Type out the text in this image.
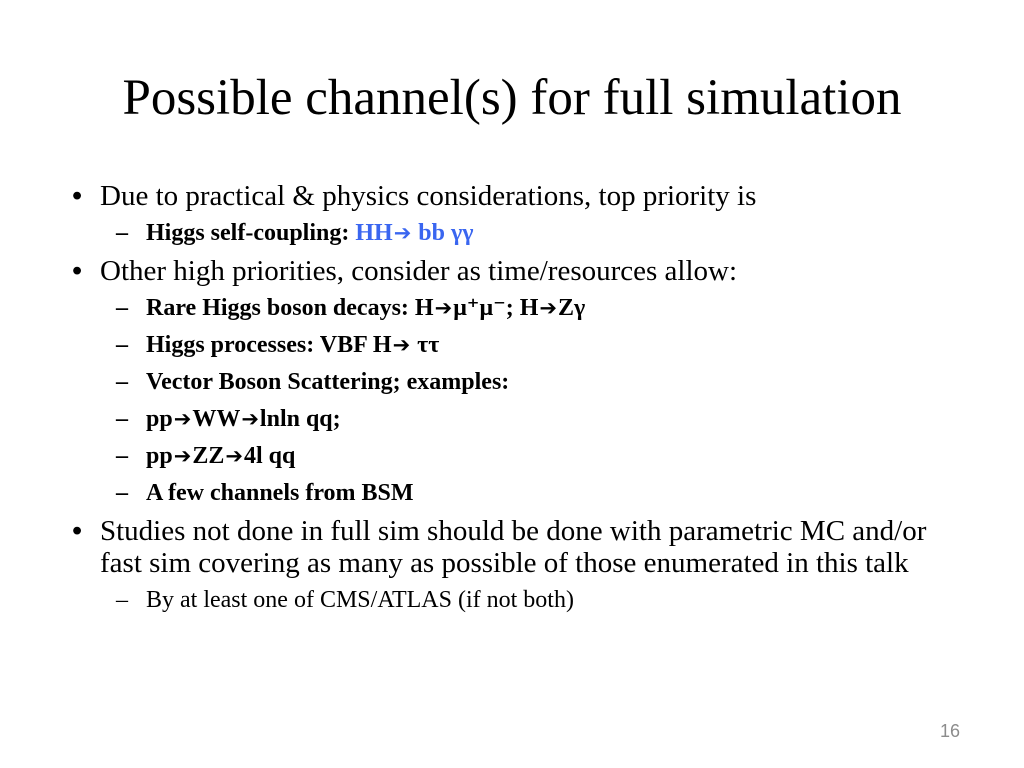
Possible channel(s) for full simulation
• Due to practical & physics considerations, top priority is
– Higgs self-coupling: HH➔ bb γγ
• Other high priorities, consider as time/resources allow:
– Rare Higgs boson decays: H➔μ⁺μ⁻; H➔Zγ
– Higgs processes: VBF H➔ ττ
– Vector Boson Scattering; examples:
– pp➔WW➔lnln qq;
– pp➔ZZ➔4l qq
– A few channels from BSM
• Studies not done in full sim should be done with parametric MC and/or fast sim covering as many as possible of those enumerated in this talk
– By at least one of CMS/ATLAS (if not both)
16
